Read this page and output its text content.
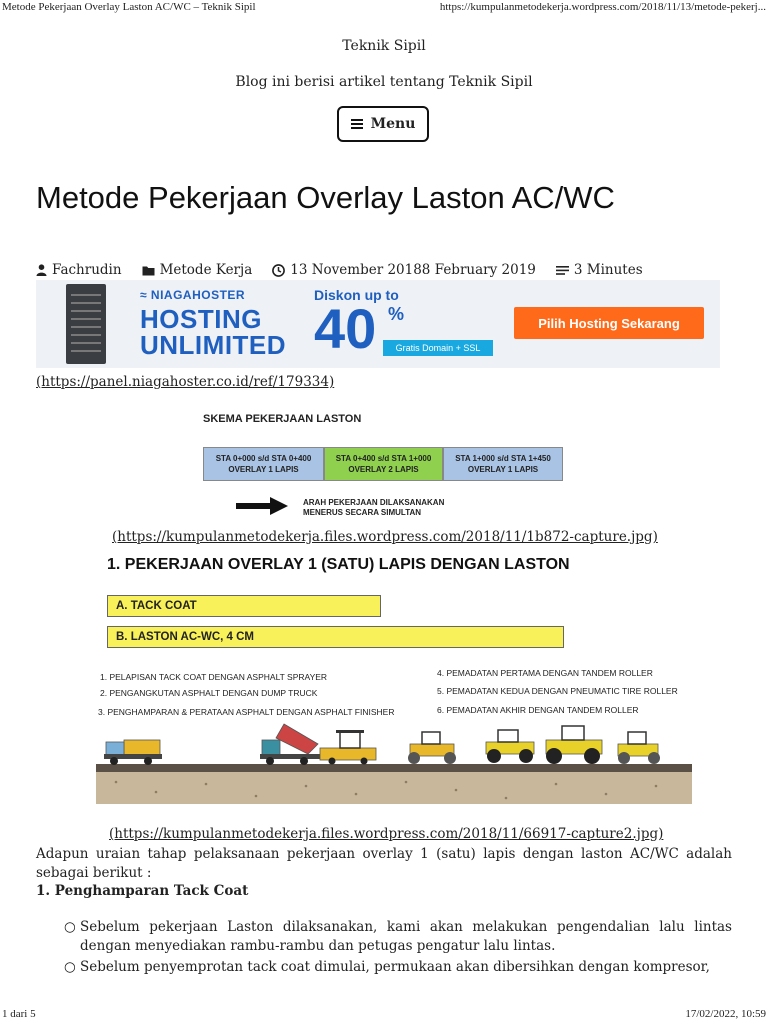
Metode Pekerjaan Overlay Laston AC/WC – Teknik Sipil	https://kumpulanmetodekerja.wordpress.com/2018/11/13/metode-pekerj...
Teknik Sipil
Blog ini berisi artikel tentang Teknik Sipil
Menu
Metode Pekerjaan Overlay Laston AC/WC
Fachrudin	Metode Kerja	13 November 20188 February 2019	3 Minutes
≈ NIAGAHOSTER
HOSTING
UNLIMITED
Diskon up to
40 %
Gratis Domain + SSL
Pilih Hosting Sekarang
(https://panel.niagahoster.co.id/ref/179334)
SKEMA PEKERJAAN LASTON
STA 0+000 s/d STA 0+400
OVERLAY 1 LAPIS
STA 0+400 s/d STA 1+000
OVERLAY 2 LAPIS
STA 1+000 s/d STA 1+450
OVERLAY 1 LAPIS
ARAH PEKERJAAN DILAKSANAKAN
MENERUS SECARA SIMULTAN
(https://kumpulanmetodekerja.files.wordpress.com/2018/11/1b872-capture.jpg)
1. PEKERJAAN OVERLAY 1 (SATU) LAPIS DENGAN LASTON
A. TACK COAT
B. LASTON AC-WC, 4 CM
1. PELAPISAN TACK COAT DENGAN ASPHALT SPRAYER
2. PENGANGKUTAN ASPHALT DENGAN DUMP TRUCK
3. PENGHAMPARAN & PERATAAN ASPHALT DENGAN ASPHALT FINISHER
4. PEMADATAN PERTAMA DENGAN TANDEM ROLLER
5. PEMADATAN KEDUA DENGAN PNEUMATIC TIRE ROLLER
6. PEMADATAN AKHIR DENGAN TANDEM ROLLER
(https://kumpulanmetodekerja.files.wordpress.com/2018/11/66917-capture2.jpg)
Adapun uraian tahap pelaksanaan pekerjaan overlay 1 (satu) lapis dengan laston AC/WC adalah sebagai berikut :
1. Penghamparan Tack Coat
○ Sebelum pekerjaan Laston dilaksanakan, kami akan melakukan pengendalian lalu lintas dengan menyediakan rambu-rambu dan petugas pengatur lalu lintas.
○ Sebelum penyemprotan tack coat dimulai, permukaan akan dibersihkan dengan kompresor,
1 dari 5	17/02/2022, 10:59
